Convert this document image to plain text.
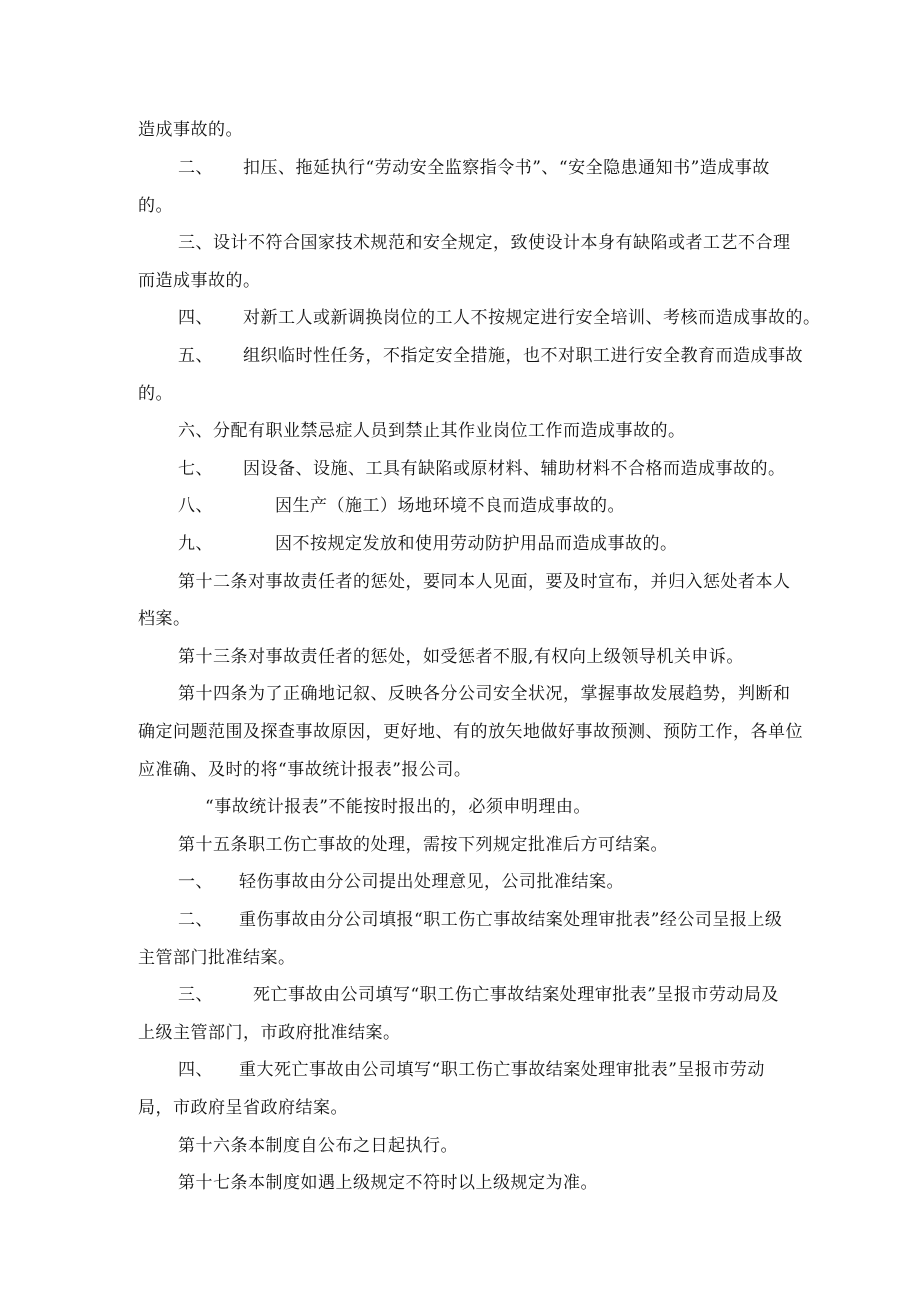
造成事故的。
二、 扣压、拖延执行“劳动安全监察指令书”、“安全隐患通知书”造成事故
的。
三、设计不符合国家技术规范和安全规定，致使设计本身有缺陷或者工艺不合理
而造成事故的。
四、 对新工人或新调换岗位的工人不按规定进行安全培训、考核而造成事故的。
五、 组织临时性任务，不指定安全措施，也不对职工进行安全教育而造成事故
的。
六、分配有职业禁忌症人员到禁止其作业岗位工作而造成事故的。
七、 因设备、设施、工具有缺陷或原材料、辅助材料不合格而造成事故的。
八、	因生产（施工）场地环境不良而造成事故的。
九、	因不按规定发放和使用劳动防护用品而造成事故的。
第十二条对事故责任者的惩处，要同本人见面，要及时宣布，并归入惩处者本人
档案。
第十三条对事故责任者的惩处，如受惩者不服,有权向上级领导机关申诉。
第十四条为了正确地记叙、反映各分公司安全状况，掌握事故发展趋势，判断和
确定问题范围及探查事故原因，更好地、有的放矢地做好事故预测、预防工作，各单位
应准确、及时的将“事故统计报表”报公司。
“事故统计报表”不能按时报出的，必须申明理由。
第十五条职工伤亡事故的处理，需按下列规定批准后方可结案。
一、 轻伤事故由分公司提出处理意见，公司批准结案。
二、 重伤事故由分公司填报“职工伤亡事故结案处理审批表”经公司呈报上级
主管部门批准结案。
三、 死亡事故由公司填写“职工伤亡事故结案处理审批表”呈报市劳动局及
上级主管部门，市政府批准结案。
四、 重大死亡事故由公司填写“职工伤亡事故结案处理审批表”呈报市劳动
局，市政府呈省政府结案。
第十六条本制度自公布之日起执行。
第十七条本制度如遇上级规定不符时以上级规定为准。
